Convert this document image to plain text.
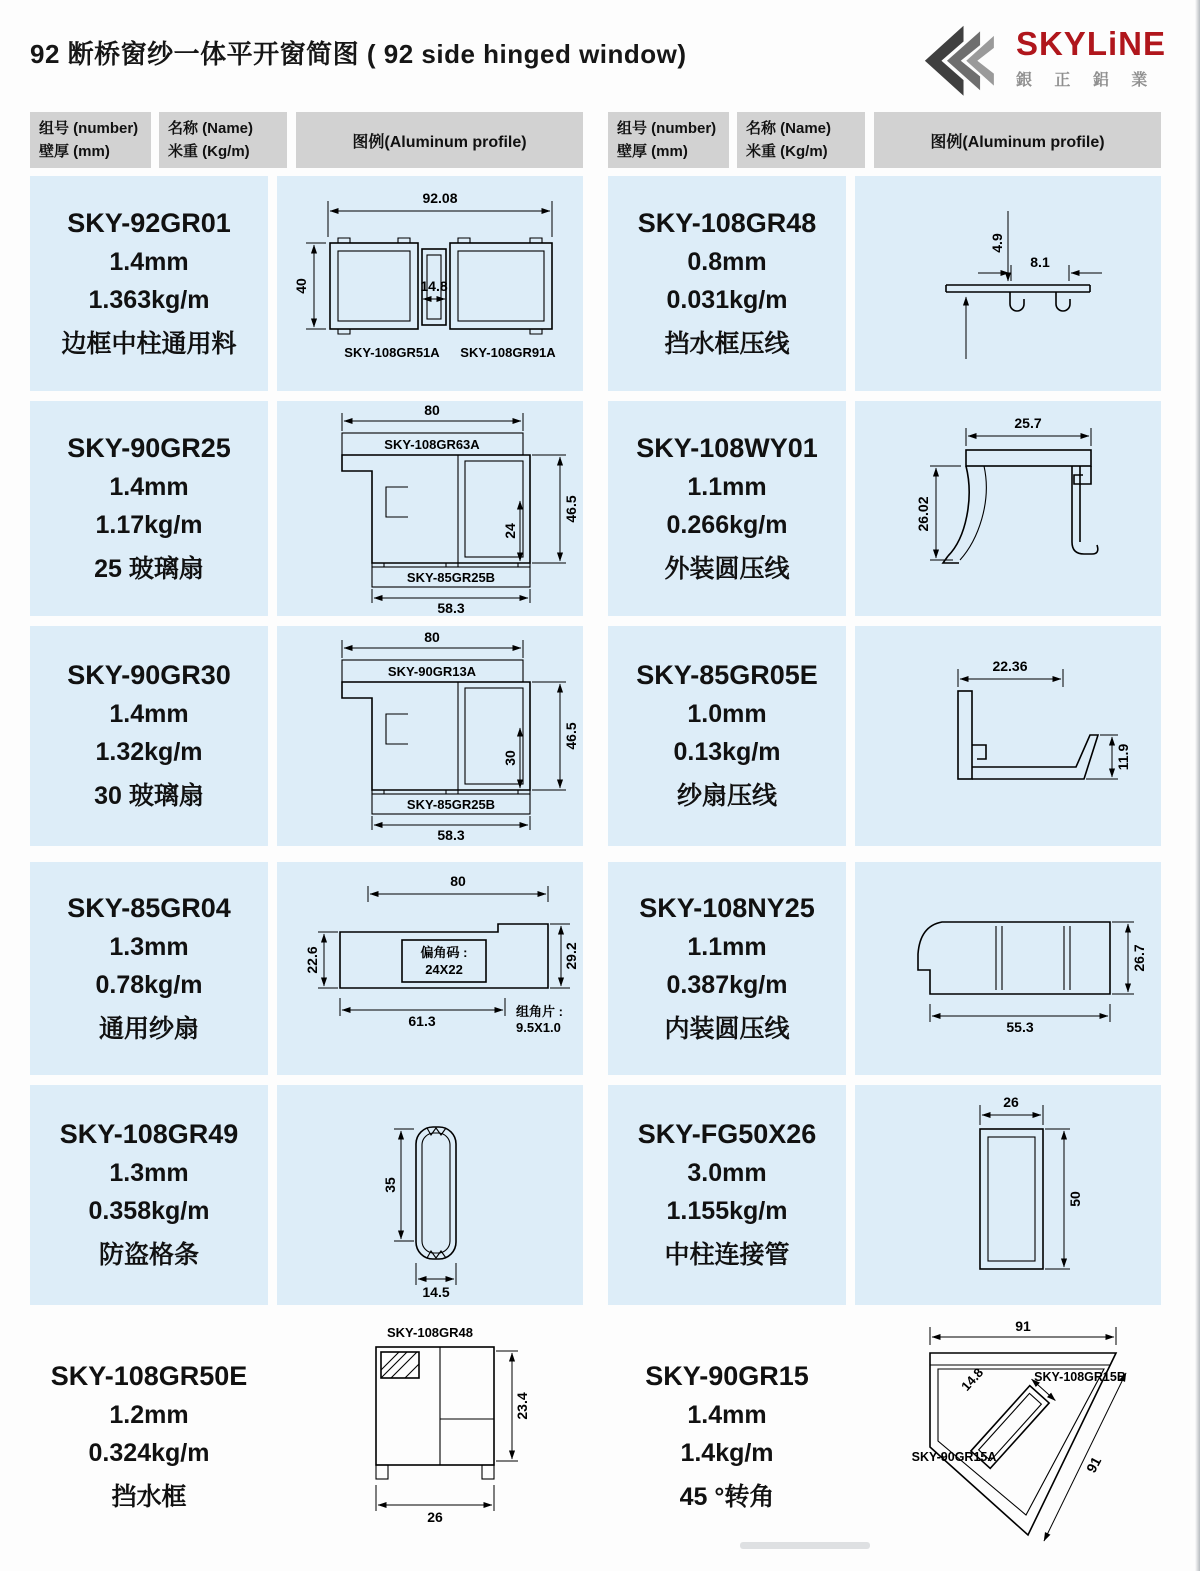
92 断桥窗纱一体平开窗简图 ( 92 side hinged window)	SKYLiNE
銀 正 鋁 業
组号 (number)
壁厚 (mm)
名称 (Name)
米重 (Kg/m)
图例(Aluminum profile)
SKY-92GR01
1.4mm
1.363kg/m
边框中柱通用料
92.08
40	14.8
SKY-108GR51A SKY-108GR91A
SKY-90GR25
1.4mm
1.17kg/m
25 玻璃扇
80
SKY-108GR63A
46.5
24
SKY-85GR25B
58.3
SKY-90GR30
1.4mm
1.32kg/m
30 玻璃扇
80
SKY-90GR13A
46.5
30
SKY-85GR25B
58.3
SKY-85GR04
1.3mm
0.78kg/m
通用纱扇
80
偏角码 :
24X22
22.6	29.2
61.3
组角片 :
9.5X1.0
SKY-108GR49
1.3mm
0.358kg/m
防盗格条
35
14.5
SKY-108GR50E
1.2mm
0.324kg/m
挡水框
SKY-108GR48
23.4
26
组号 (number)
壁厚 (mm)
名称 (Name)
米重 (Kg/m)
图例(Aluminum profile)
SKY-108GR48
0.8mm
0.031kg/m
挡水框压线
4.9
8.1
SKY-108WY01
1.1mm
0.266kg/m
外装圆压线
25.7
26.02
SKY-85GR05E
1.0mm
0.13kg/m
纱扇压线
22.36
11.9
SKY-108NY25
1.1mm
0.387kg/m
内装圆压线
26.7
55.3
SKY-FG50X26
3.0mm
1.155kg/m
中柱连接管
26
50
SKY-90GR15
1.4mm
1.4kg/m
45 °转角
91
14.8	SKY-108GR15B
SKY-90GR15A	91
